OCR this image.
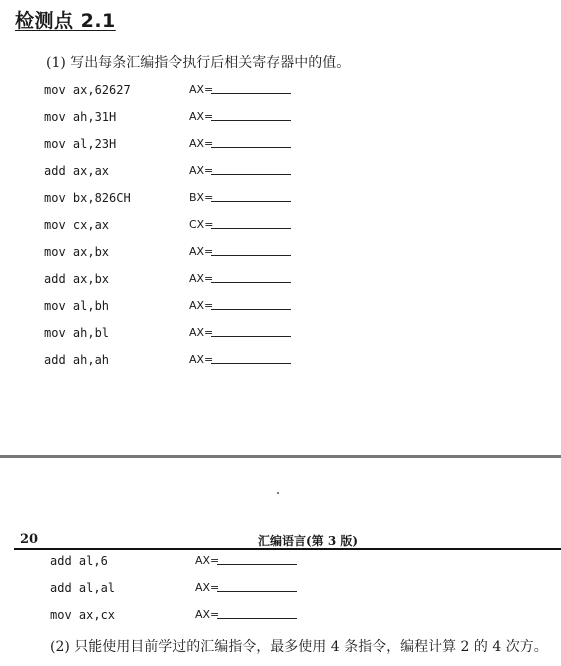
检测点 2.1
(1) 写出每条汇编指令执行后相关寄存器中的值。
mov ax,62627	AX=
mov ah,31H	AX=
mov al,23H	AX=
add ax,ax	AX=
mov bx,826CH	BX=
mov cx,ax	CX=
mov ax,bx	AX=
add ax,bx	AX=
mov al,bh	AX=
mov ah,bl	AX=
add ah,ah	AX=
20	汇编语言(第 3 版)
add al,6	AX=
add al,al	AX=
mov ax,cx	AX=
(2) 只能使用目前学过的汇编指令，最多使用 4 条指令，编程计算 2 的 4 次方。
